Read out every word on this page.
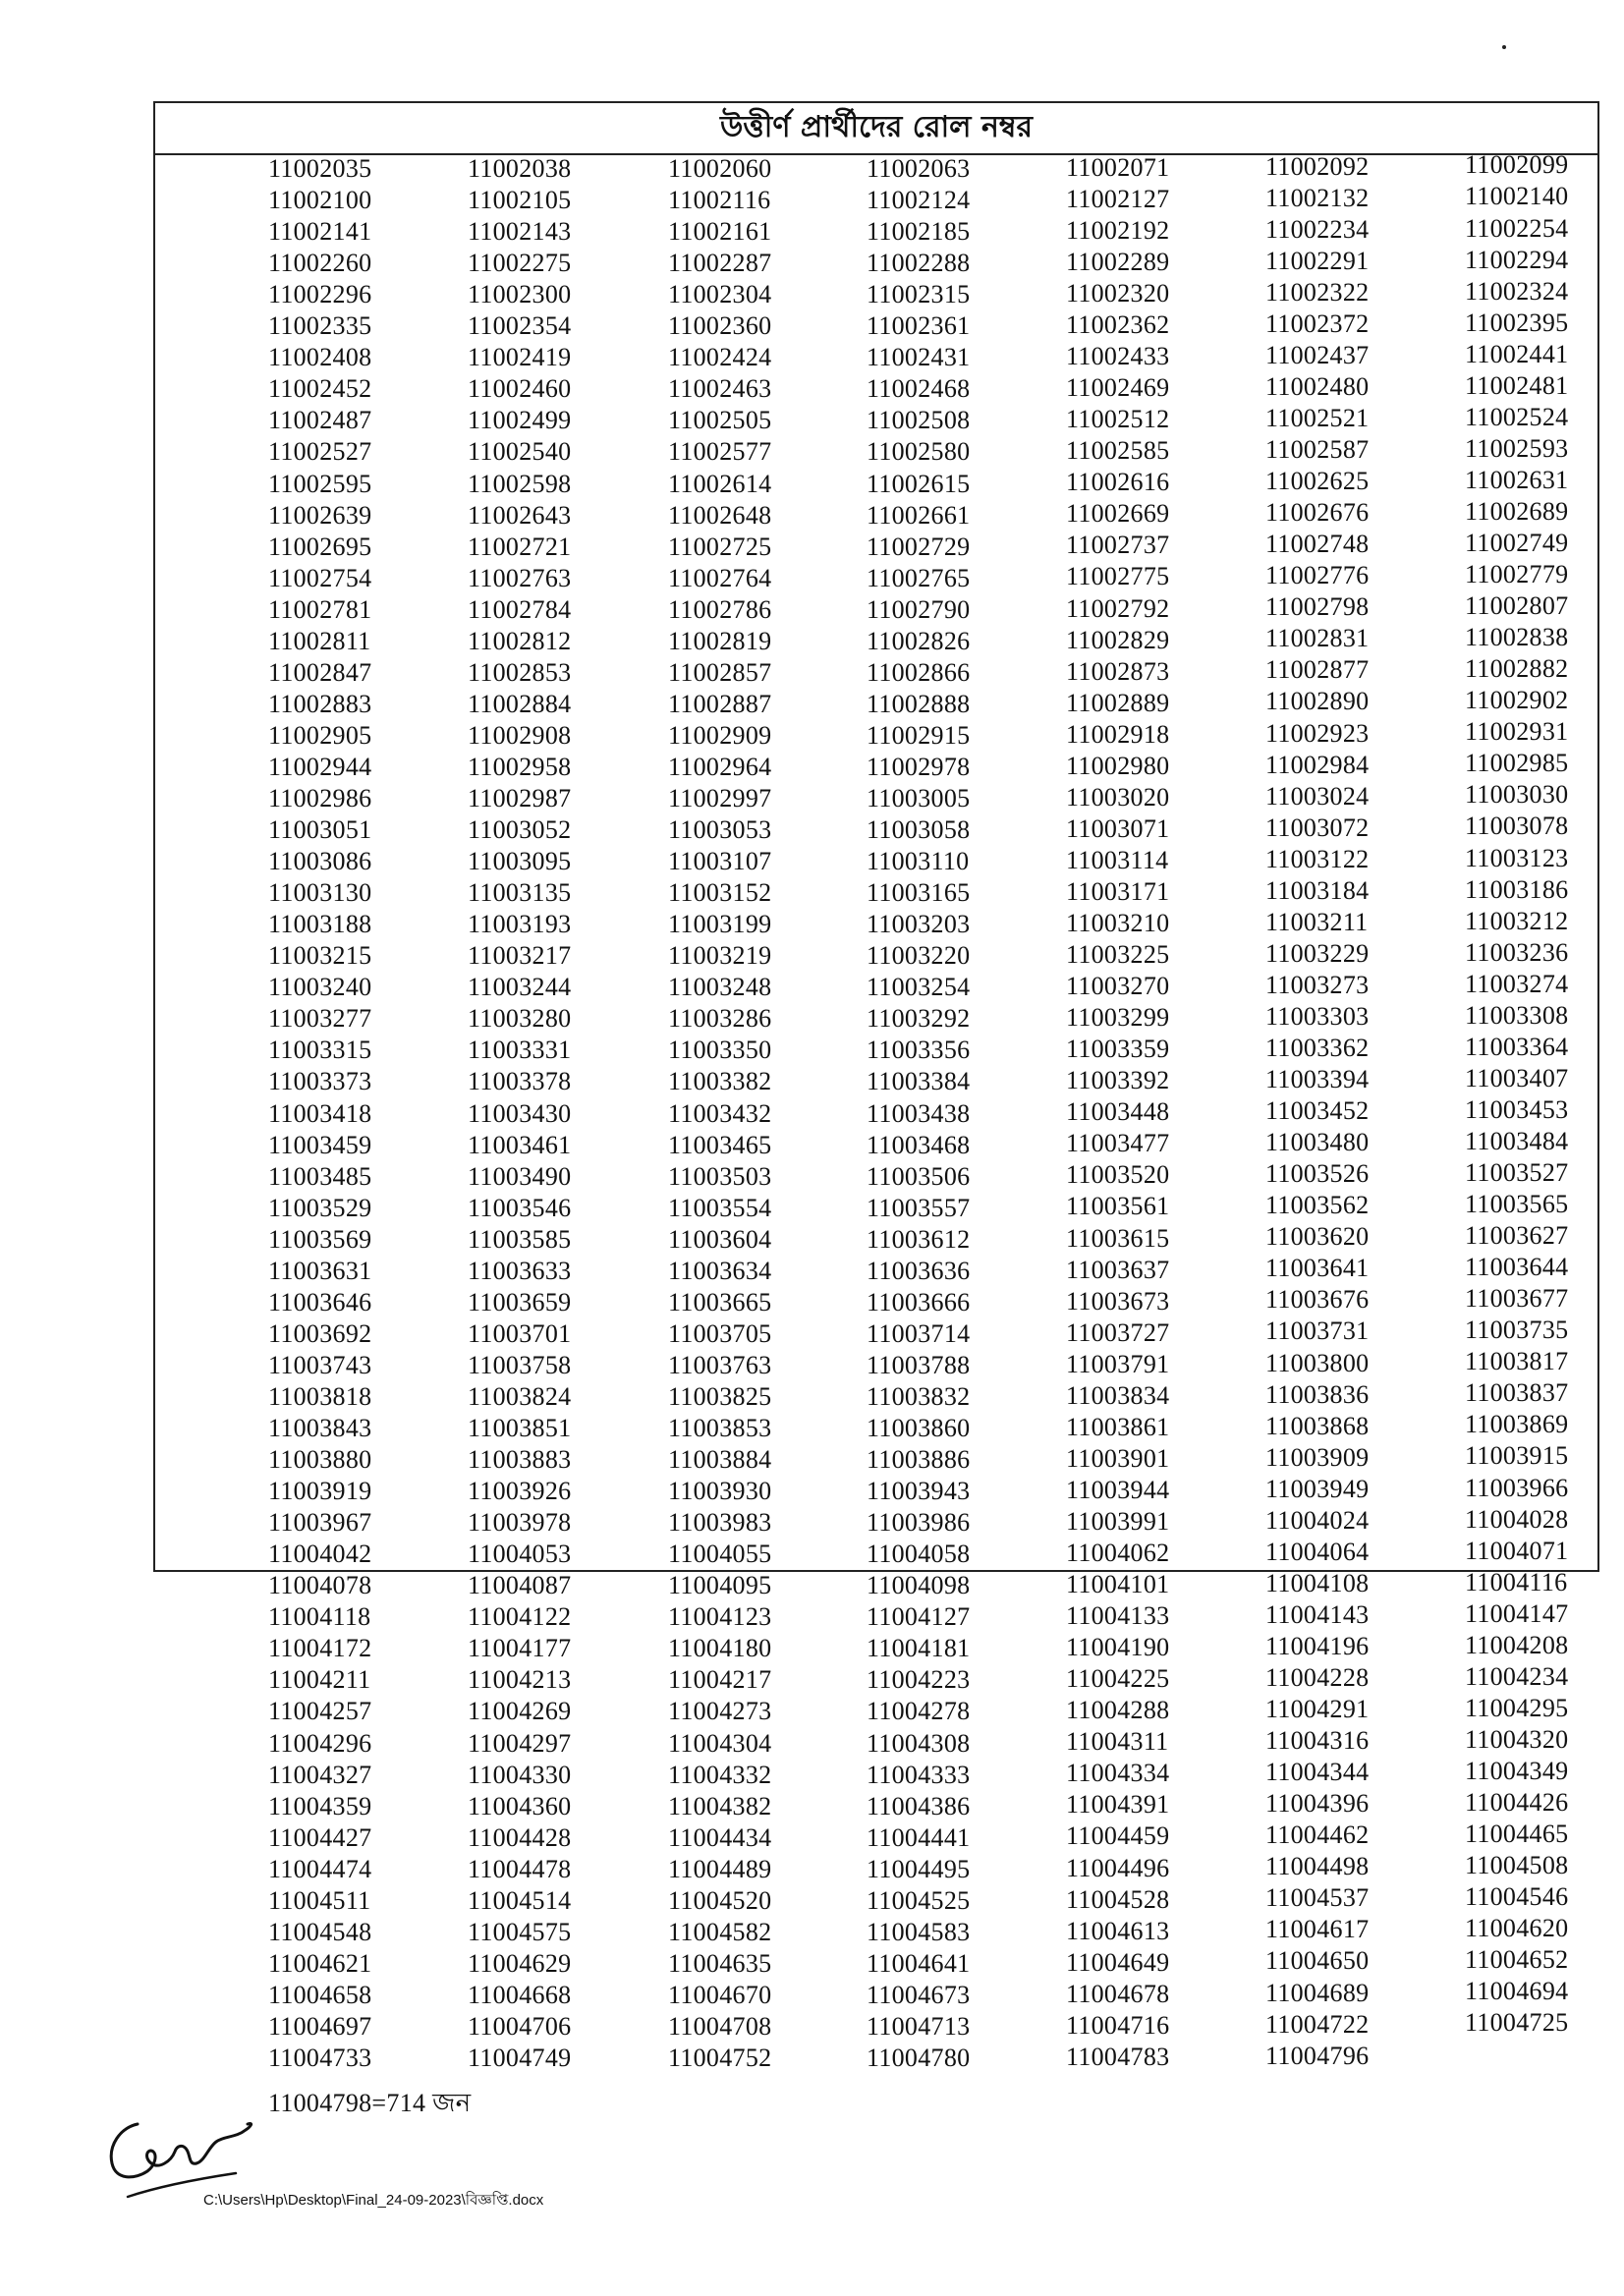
উত্তীর্ণ প্রার্থীদের রোল নম্বর
11002035	11002038	11002060	11002063	11002071	11002092	11002099
11002100	11002105	11002116	11002124	11002127	11002132	11002140
11002141	11002143	11002161	11002185	11002192	11002234	11002254
11002260	11002275	11002287	11002288	11002289	11002291	11002294
11002296	11002300	11002304	11002315	11002320	11002322	11002324
11002335	11002354	11002360	11002361	11002362	11002372	11002395
11002408	11002419	11002424	11002431	11002433	11002437	11002441
11002452	11002460	11002463	11002468	11002469	11002480	11002481
11002487	11002499	11002505	11002508	11002512	11002521	11002524
11002527	11002540	11002577	11002580	11002585	11002587	11002593
11002595	11002598	11002614	11002615	11002616	11002625	11002631
11002639	11002643	11002648	11002661	11002669	11002676	11002689
11002695	11002721	11002725	11002729	11002737	11002748	11002749
11002754	11002763	11002764	11002765	11002775	11002776	11002779
11002781	11002784	11002786	11002790	11002792	11002798	11002807
11002811	11002812	11002819	11002826	11002829	11002831	11002838
11002847	11002853	11002857	11002866	11002873	11002877	11002882
11002883	11002884	11002887	11002888	11002889	11002890	11002902
11002905	11002908	11002909	11002915	11002918	11002923	11002931
11002944	11002958	11002964	11002978	11002980	11002984	11002985
11002986	11002987	11002997	11003005	11003020	11003024	11003030
11003051	11003052	11003053	11003058	11003071	11003072	11003078
11003086	11003095	11003107	11003110	11003114	11003122	11003123
11003130	11003135	11003152	11003165	11003171	11003184	11003186
11003188	11003193	11003199	11003203	11003210	11003211	11003212
11003215	11003217	11003219	11003220	11003225	11003229	11003236
11003240	11003244	11003248	11003254	11003270	11003273	11003274
11003277	11003280	11003286	11003292	11003299	11003303	11003308
11003315	11003331	11003350	11003356	11003359	11003362	11003364
11003373	11003378	11003382	11003384	11003392	11003394	11003407
11003418	11003430	11003432	11003438	11003448	11003452	11003453
11003459	11003461	11003465	11003468	11003477	11003480	11003484
11003485	11003490	11003503	11003506	11003520	11003526	11003527
11003529	11003546	11003554	11003557	11003561	11003562	11003565
11003569	11003585	11003604	11003612	11003615	11003620	11003627
11003631	11003633	11003634	11003636	11003637	11003641	11003644
11003646	11003659	11003665	11003666	11003673	11003676	11003677
11003692	11003701	11003705	11003714	11003727	11003731	11003735
11003743	11003758	11003763	11003788	11003791	11003800	11003817
11003818	11003824	11003825	11003832	11003834	11003836	11003837
11003843	11003851	11003853	11003860	11003861	11003868	11003869
11003880	11003883	11003884	11003886	11003901	11003909	11003915
11003919	11003926	11003930	11003943	11003944	11003949	11003966
11003967	11003978	11003983	11003986	11003991	11004024	11004028
11004042	11004053	11004055	11004058	11004062	11004064	11004071
11004078	11004087	11004095	11004098	11004101	11004108	11004116
11004118	11004122	11004123	11004127	11004133	11004143	11004147
11004172	11004177	11004180	11004181	11004190	11004196	11004208
11004211	11004213	11004217	11004223	11004225	11004228	11004234
11004257	11004269	11004273	11004278	11004288	11004291	11004295
11004296	11004297	11004304	11004308	11004311	11004316	11004320
11004327	11004330	11004332	11004333	11004334	11004344	11004349
11004359	11004360	11004382	11004386	11004391	11004396	11004426
11004427	11004428	11004434	11004441	11004459	11004462	11004465
11004474	11004478	11004489	11004495	11004496	11004498	11004508
11004511	11004514	11004520	11004525	11004528	11004537	11004546
11004548	11004575	11004582	11004583	11004613	11004617	11004620
11004621	11004629	11004635	11004641	11004649	11004650	11004652
11004658	11004668	11004670	11004673	11004678	11004689	11004694
11004697	11004706	11004708	11004713	11004716	11004722	11004725
11004733	11004749	11004752	11004780	11004783	11004796
11004798=714 জন
C:\Users\Hp\Desktop\Final_24-09-2023\বিজ্ঞপ্তি.docx
